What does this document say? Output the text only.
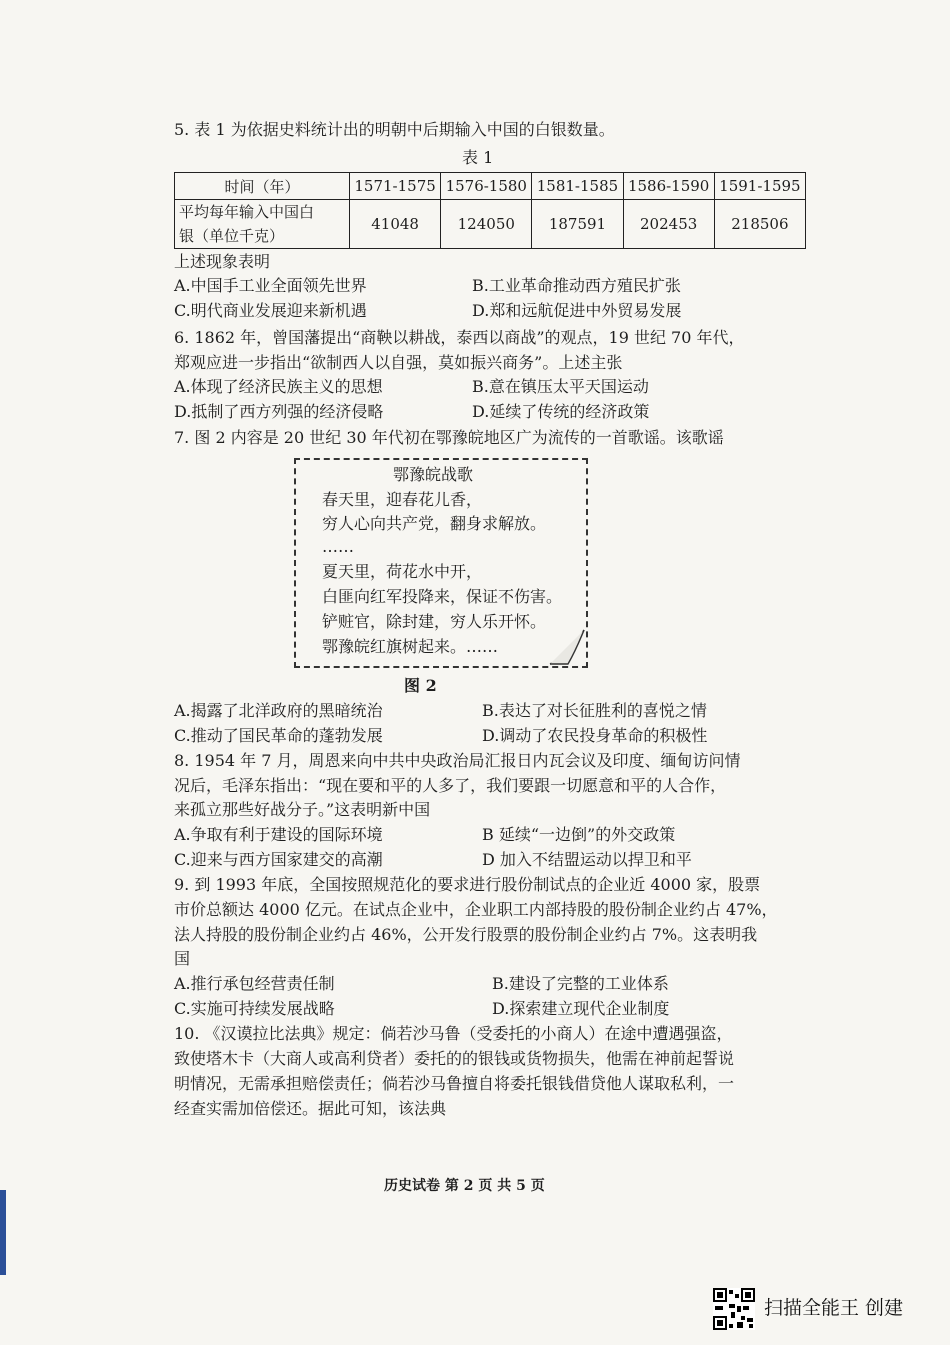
5. 表 1 为依据史料统计出的明朝中后期输入中国的白银数量。
表 1
时间（年）	1571-1575	1576-1580	1581-1585	1586-1590	1591-1595

平均每年输入中国白
银（单位千克）	41048	124050	187591	202453	218506
上述现象表明
A.中国手工业全面领先世界	B.工业革命推动西方殖民扩张
C.明代商业发展迎来新机遇	D.郑和远航促进中外贸易发展
6. 1862 年，曾国藩提出“商鞅以耕战，泰西以商战”的观点，19 世纪 70 年代，
郑观应进一步指出“欲制西人以自强，莫如振兴商务”。上述主张
A.体现了经济民族主义的思想	B.意在镇压太平天国运动
D.抵制了西方列强的经济侵略	D.延续了传统的经济政策
7. 图 2 内容是 20 世纪 30 年代初在鄂豫皖地区广为流传的一首歌谣。该歌谣
鄂豫皖战歌
春天里，迎春花儿香，
穷人心向共产党，翻身求解放。
……
夏天里，荷花水中开，
白匪向红军投降来，保证不伤害。
铲赃官，除封建，穷人乐开怀。
鄂豫皖红旗树起来。……
图 2
A.揭露了北洋政府的黑暗统治	B.表达了对长征胜利的喜悦之情
C.推动了国民革命的蓬勃发展	D.调动了农民投身革命的积极性
8. 1954 年 7 月，周恩来向中共中央政治局汇报日内瓦会议及印度、缅甸访问情
况后，毛泽东指出：“现在要和平的人多了，我们要跟一切愿意和平的人合作，
来孤立那些好战分子。”这表明新中国
A.争取有利于建设的国际环境	B 延续“一边倒”的外交政策
C.迎来与西方国家建交的高潮	D 加入不结盟运动以捍卫和平
9. 到 1993 年底，全国按照规范化的要求进行股份制试点的企业近 4000 家，股票
市价总额达 4000 亿元。在试点企业中，企业职工内部持股的股份制企业约占 47%，
法人持股的股份制企业约占 46%，公开发行股票的股份制企业约占 7%。这表明我
国
A.推行承包经营责任制	B.建设了完整的工业体系
C.实施可持续发展战略	D.探索建立现代企业制度
10. 《汉谟拉比法典》规定：倘若沙马鲁（受委托的小商人）在途中遭遇强盗，
致使塔木卡（大商人或高利贷者）委托的的银钱或货物损失，他需在神前起誓说
明情况，无需承担赔偿责任；倘若沙马鲁擅自将委托银钱借贷他人谋取私利，一
经查实需加倍偿还。据此可知，该法典
历史试卷 第 2 页 共 5 页
扫描全能王 创建
